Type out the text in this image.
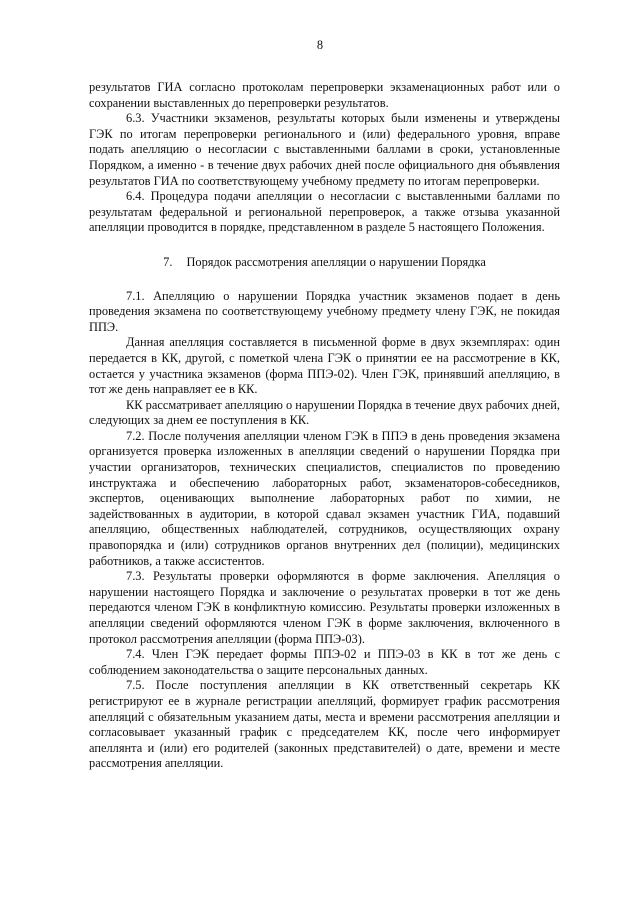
8

результатов ГИА согласно протоколам перепроверки экзаменационных работ или о сохранении выставленных до перепроверки результатов.

6.3. Участники экзаменов, результаты которых были изменены и утверждены ГЭК по итогам перепроверки регионального и (или) федерального уровня, вправе подать апелляцию о несогласии с выставленными баллами в сроки, установленные Порядком, а именно - в течение двух рабочих дней после официального дня объявления результатов ГИА по соответствующему учебному предмету по итогам перепроверки.

6.4. Процедура подачи апелляции о несогласии с выставленными баллами по результатам федеральной и региональной перепроверок, а также отзыва указанной апелляции проводится в порядке, представленном в разделе 5 настоящего Положения.

7. Порядок рассмотрения апелляции о нарушении Порядка

7.1. Апелляцию о нарушении Порядка участник экзаменов подает в день проведения экзамена по соответствующему учебному предмету члену ГЭК, не покидая ППЭ.

Данная апелляция составляется в письменной форме в двух экземплярах: один передается в КК, другой, с пометкой члена ГЭК о принятии ее на рассмотрение в КК, остается у участника экзаменов (форма ППЭ-02). Член ГЭК, принявший апелляцию, в тот же день направляет ее в КК.

КК рассматривает апелляцию о нарушении Порядка в течение двух рабочих дней, следующих за днем ее поступления в КК.

7.2. После получения апелляции членом ГЭК в ППЭ в день проведения экзамена организуется проверка изложенных в апелляции сведений о нарушении Порядка при участии организаторов, технических специалистов, специалистов по проведению инструктажа и обеспечению лабораторных работ, экзаменаторов-собеседников, экспертов, оценивающих выполнение лабораторных работ по химии, не задействованных в аудитории, в которой сдавал экзамен участник ГИА, подавший апелляцию, общественных наблюдателей, сотрудников, осуществляющих охрану правопорядка и (или) сотрудников органов внутренних дел (полиции), медицинских работников, а также ассистентов.

7.3. Результаты проверки оформляются в форме заключения. Апелляция о нарушении настоящего Порядка и заключение о результатах проверки в тот же день передаются членом ГЭК в конфликтную комиссию. Результаты проверки изложенных в апелляции сведений оформляются членом ГЭК в форме заключения, включенного в протокол рассмотрения апелляции (форма ППЭ-03).

7.4. Член ГЭК передает формы ППЭ-02 и ППЭ-03 в КК в тот же день с соблюдением законодательства о защите персональных данных.

7.5. После поступления апелляции в КК ответственный секретарь КК регистрируют ее в журнале регистрации апелляций, формирует график рассмотрения апелляций с обязательным указанием даты, места и времени рассмотрения апелляции и согласовывает указанный график с председателем КК, после чего информирует апеллянта и (или) его родителей (законных представителей) о дате, времени и месте рассмотрения апелляции.
